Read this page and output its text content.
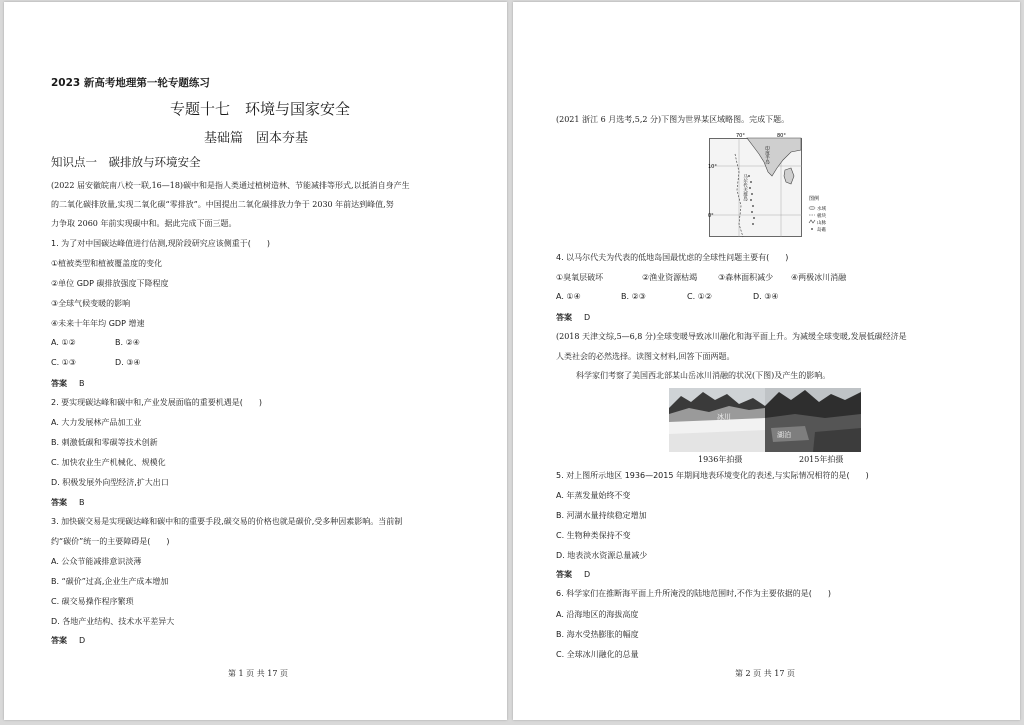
2023 新高考地理第一轮专题练习
专题十七　环境与国家安全
基础篇　固本夯基
知识点一　碳排放与环境安全
(2022 届安徽皖南八校一联,16—18)碳中和是指人类通过植树造林、节能减排等形式,以抵消自身产生
的二氧化碳排放量,实现二氧化碳“零排放”。中国提出二氧化碳排放力争于 2030 年前达到峰值,努
力争取 2060 年前实现碳中和。据此完成下面三题。
1. 为了对中国碳达峰值进行估测,现阶段研究应该侧重于(　　)
①植被类型和植被覆盖度的变化
②单位 GDP 碳排放强度下降程度
③全球气候变暖的影响
④未来十年年均 GDP 增速
A. ①②	B. ②④
C. ①③	D. ③④
答案 B
2. 要实现碳达峰和碳中和,产业发展面临的重要机遇是(　　)
A. 大力发展林产品加工业
B. 刺激低碳和零碳等技术创新
C. 加快农业生产机械化、规模化
D. 积极发展外向型经济,扩大出口
答案 B
3. 加快碳交易是实现碳达峰和碳中和的重要手段,碳交易的价格也就是碳价,受多种因素影响。当前制
约“碳价”统一的主要障碍是(　　)
A. 公众节能减排意识淡薄
B. “碳价”过高,企业生产成本增加
C. 碳交易操作程序繁琐
D. 各地产业结构、技术水平差异大
答案 D
第 1 页 共 17 页
(2021 浙江 6 月选考,5,2 分)下图为世界某区域略图。完成下题。
70°	80°
10°
0°
印度半岛
马尔代夫群岛	图例
水域
板块
山脉
岛礁
4. 以马尔代夫为代表的低地岛国最忧虑的全球性问题主要有(　　)
①臭氧层破坏	②渔业资源枯竭	③森林面积减少 ④两极冰川消融
A. ①④	B. ②③	C. ①②	D. ③④
答案 D
(2018 天津文综,5—6,8 分)全球变暖导致冰川融化和海平面上升。为减缓全球变暖,发展低碳经济是
人类社会的必然选择。读图文材料,回答下面两题。
科学家们考察了美国西北部某山岳冰川消融的状况(下图)及产生的影响。
冰川
湖泊
1936年拍摄	2015年拍摄
5. 对上图所示地区 1936—2015 年期间地表环境变化的表述,与实际情况相符的是(　　)
A. 年蒸发量始终不变
B. 河湖水量持续稳定增加
C. 生物种类保持不变
D. 地表淡水资源总量减少
答案 D
6. 科学家们在推断海平面上升所淹没的陆地范围时,不作为主要依据的是(　　)
A. 沿海地区的海拔高度
B. 海水受热膨胀的幅度
C. 全球冰川融化的总量
第 2 页 共 17 页
